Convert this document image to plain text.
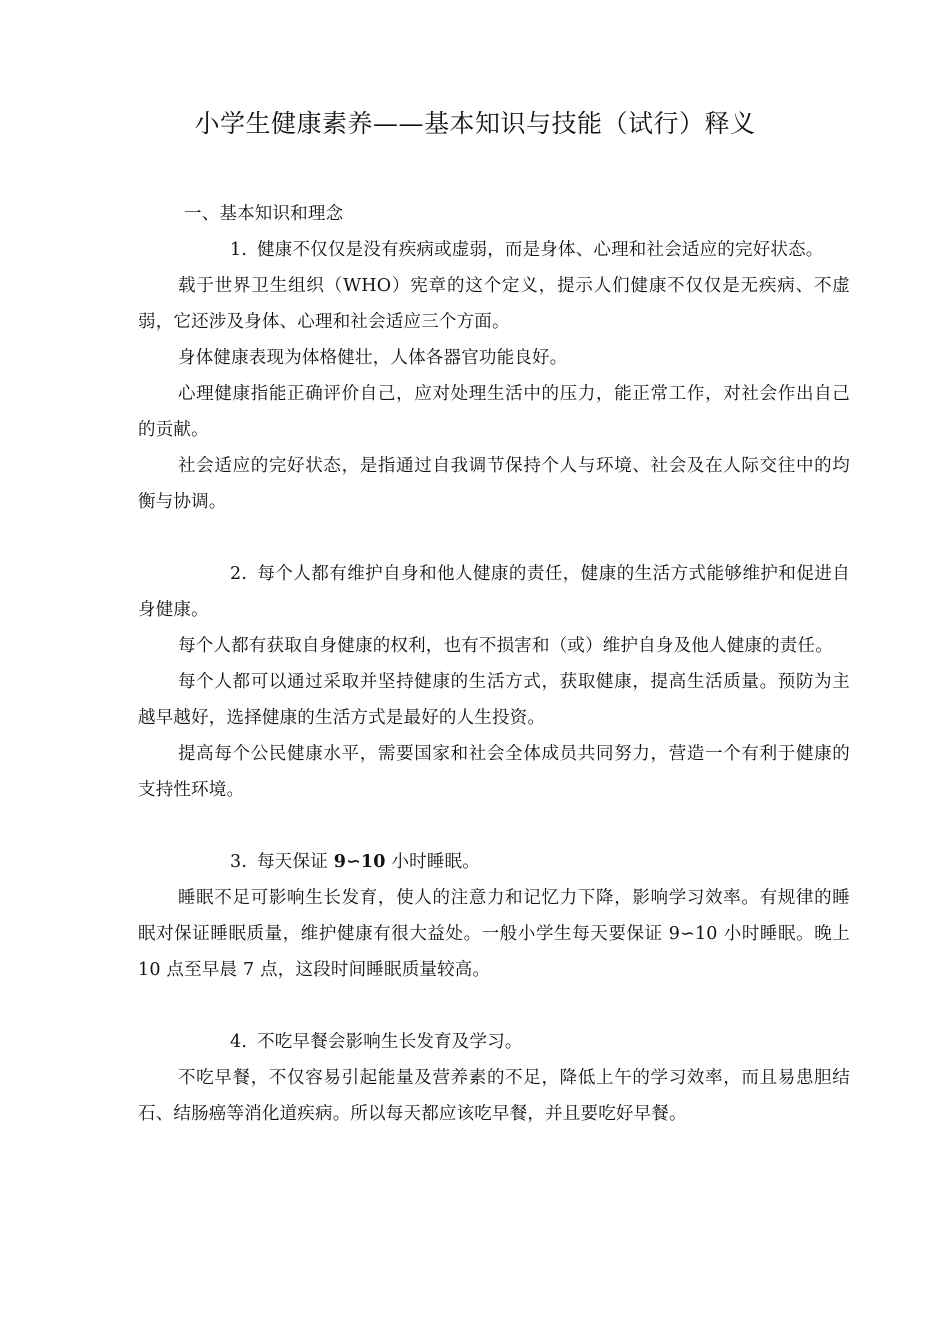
小学生健康素养——基本知识与技能（试行）释义

一、基本知识和理念

1. 健康不仅仅是没有疾病或虚弱，而是身体、心理和社会适应的完好状态。

载于世界卫生组织（WHO）宪章的这个定义，提示人们健康不仅仅是无疾病、不虚弱，它还涉及身体、心理和社会适应三个方面。

身体健康表现为体格健壮，人体各器官功能良好。

心理健康指能正确评价自己，应对处理生活中的压力，能正常工作，对社会作出自己的贡献。

社会适应的完好状态，是指通过自我调节保持个人与环境、社会及在人际交往中的均衡与协调。

2. 每个人都有维护自身和他人健康的责任，健康的生活方式能够维护和促进自身健康。

每个人都有获取自身健康的权利，也有不损害和（或）维护自身及他人健康的责任。

每个人都可以通过采取并坚持健康的生活方式，获取健康，提高生活质量。预防为主越早越好，选择健康的生活方式是最好的人生投资。

提高每个公民健康水平，需要国家和社会全体成员共同努力，营造一个有利于健康的支持性环境。

3. 每天保证 9∽10 小时睡眠。

睡眠不足可影响生长发育，使人的注意力和记忆力下降，影响学习效率。有规律的睡眠对保证睡眠质量，维护健康有很大益处。一般小学生每天要保证 9∽10 小时睡眠。晚上 10 点至早晨 7 点，这段时间睡眠质量较高。

4. 不吃早餐会影响生长发育及学习。

不吃早餐，不仅容易引起能量及营养素的不足，降低上午的学习效率，而且易患胆结石、结肠癌等消化道疾病。所以每天都应该吃早餐，并且要吃好早餐。
